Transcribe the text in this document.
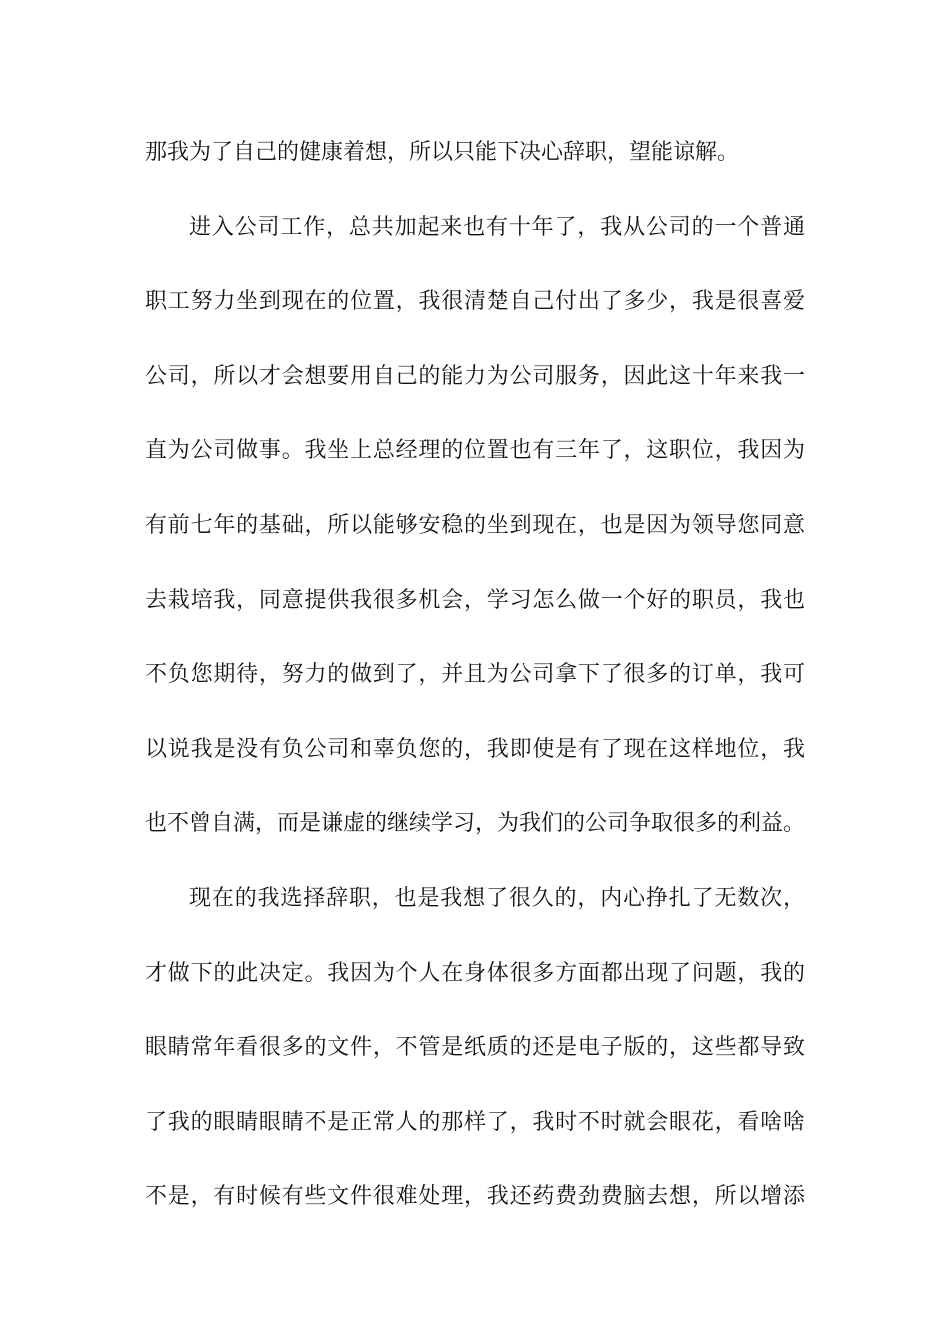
那我为了自己的健康着想，所以只能下决心辞职，望能谅解。
进入公司工作，总共加起来也有十年了，我从公司的一个普通
职工努力坐到现在的位置，我很清楚自己付出了多少，我是很喜爱
公司，所以才会想要用自己的能力为公司服务，因此这十年来我一
直为公司做事。我坐上总经理的位置也有三年了，这职位，我因为
有前七年的基础，所以能够安稳的坐到现在，也是因为领导您同意
去栽培我，同意提供我很多机会，学习怎么做一个好的职员，我也
不负您期待，努力的做到了，并且为公司拿下了很多的订单，我可
以说我是没有负公司和辜负您的，我即使是有了现在这样地位，我
也不曾自满，而是谦虚的继续学习，为我们的公司争取很多的利益。
现在的我选择辞职，也是我想了很久的，内心挣扎了无数次，
才做下的此决定。我因为个人在身体很多方面都出现了问题，我的
眼睛常年看很多的文件，不管是纸质的还是电子版的，这些都导致
了我的眼睛眼睛不是正常人的那样了，我时不时就会眼花，看啥啥
不是，有时候有些文件很难处理，我还药费劲费脑去想，所以增添
